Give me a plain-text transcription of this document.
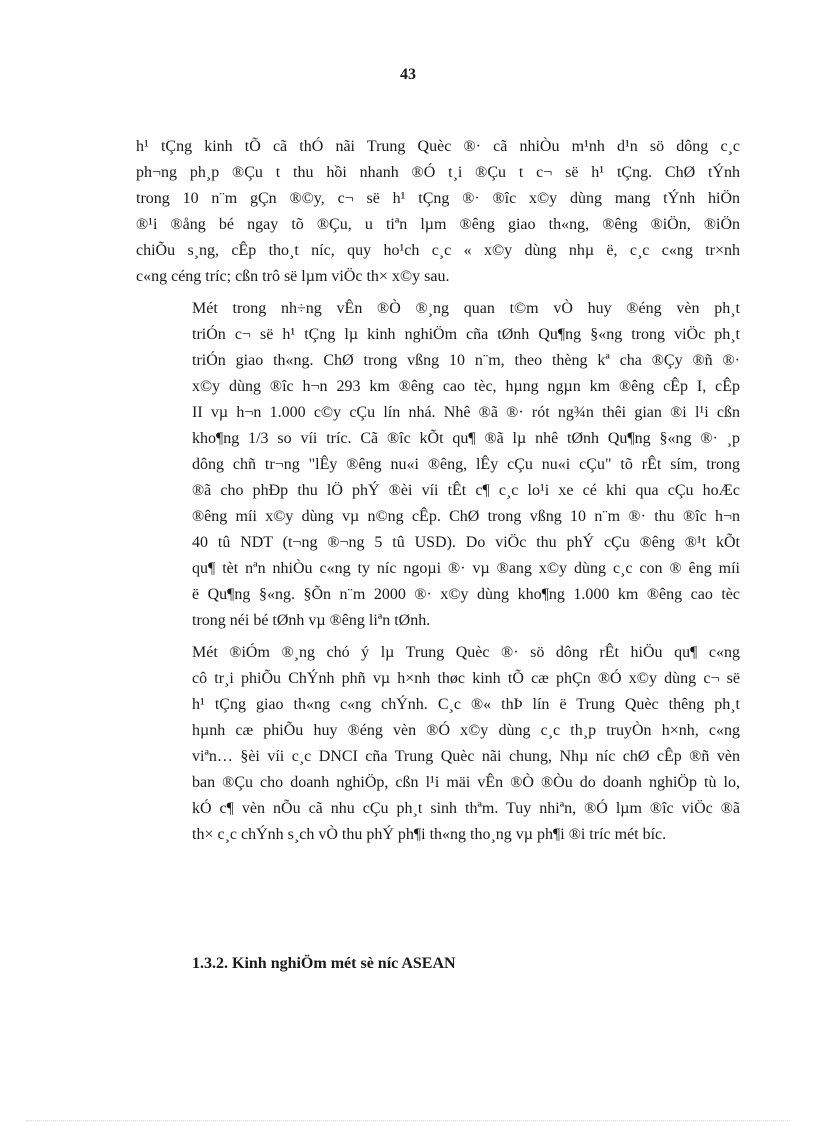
43

h¹ tÇng kinh tÕ cã thÓ nãi Trung Quèc ®· cã nhiÒu m¹nh d¹n sö dông c¸c
ph¬ng ph¸p ®Çu t thu hồi nhanh ®Ó t¸i ®Çu t c¬ së h¹ tÇng. ChØ tÝnh
trong 10 n¨m gÇn ®©y, c¬ së h¹ tÇng ®· ®îc x©y dùng mang tÝnh hiÖn
®¹i ®ång bé ngay tõ ®Çu, u tiªn lµm ®êng giao th«ng, ®êng ®iÖn, ®iÖn
chiÕu s¸ng, cÊp tho¸t níc, quy ho¹ch c¸c « x©y dùng nhµ ë, c¸c c«ng tr×nh
c«ng céng tríc; cßn trô së lµm viÖc th× x©y sau.

Mét trong nh÷ng vÊn ®Ò ®¸ng quan t©m vÒ huy ®éng vèn ph¸t
triÓn c¬ së h¹ tÇng lµ kinh nghiÖm cña tØnh Qu¶ng §«ng trong viÖc ph¸t
triÓn giao th«ng. ChØ trong vßng 10 n¨m, theo thèng kª cha ®Çy ®ñ ®·
x©y dùng ®îc h¬n 293 km ®êng cao tèc, hµng ngµn km ®êng cÊp I, cÊp
II vµ h¬n 1.000 c©y cÇu lín nhá. Nhê ®ã ®· rót ng¾n thêi gian ®i l¹i cßn
kho¶ng 1/3 so víi tríc. Cã ®îc kÕt qu¶ ®ã lµ nhê tØnh Qu¶ng §«ng ®· ¸p
dông chñ tr¬ng "lÊy ®êng nu«i ®êng, lÊy cÇu nu«i cÇu" tõ rÊt sím, trong
®ã cho phÐp thu lÖ phÝ ®èi víi tÊt c¶ c¸c lo¹i xe cé khi qua cÇu hoÆc
®êng míi x©y dùng vµ n©ng cÊp. ChØ trong vßng 10 n¨m ®· thu ®îc h¬n
40 tû NDT (t¬ng ®¬ng 5 tû USD). Do viÖc thu phÝ cÇu ®êng ®¹t kÕt
qu¶ tèt nªn nhiÒu c«ng ty níc ngoµi ®· vµ ®ang x©y dùng c¸c con ® êng míi
ë Qu¶ng §«ng. §Õn n¨m 2000 ®· x©y dùng kho¶ng 1.000 km ®êng cao tèc
trong néi bé tØnh vµ ®êng liªn tØnh.

Mét ®iÓm ®¸ng chó ý lµ Trung Quèc ®· sö dông rÊt hiÖu qu¶ c«ng
cô tr¸i phiÕu ChÝnh phñ vµ h×nh thøc kinh tÕ cæ phÇn ®Ó x©y dùng c¬ së
h¹ tÇng giao th«ng c«ng chÝnh. C¸c ®« thÞ lín ë Trung Quèc thêng ph¸t
hµnh cæ phiÕu huy ®éng vèn ®Ó x©y dùng c¸c th¸p truyÒn h×nh, c«ng
viªn… §èi víi c¸c DNCI cña Trung Quèc nãi chung, Nhµ níc chØ cÊp ®ñ vèn
ban ®Çu cho doanh nghiÖp, cßn l¹i mäi vÊn ®Ò ®Òu do doanh nghiÖp tù lo,
kÓ c¶ vèn nÕu cã nhu cÇu ph¸t sinh thªm. Tuy nhiªn, ®Ó lµm ®îc viÖc ®ã
th× c¸c chÝnh s¸ch vÒ thu phÝ ph¶i th«ng tho¸ng vµ ph¶i ®i tríc mét bíc.

1.3.2. Kinh nghiÖm mét sè níc ASEAN
